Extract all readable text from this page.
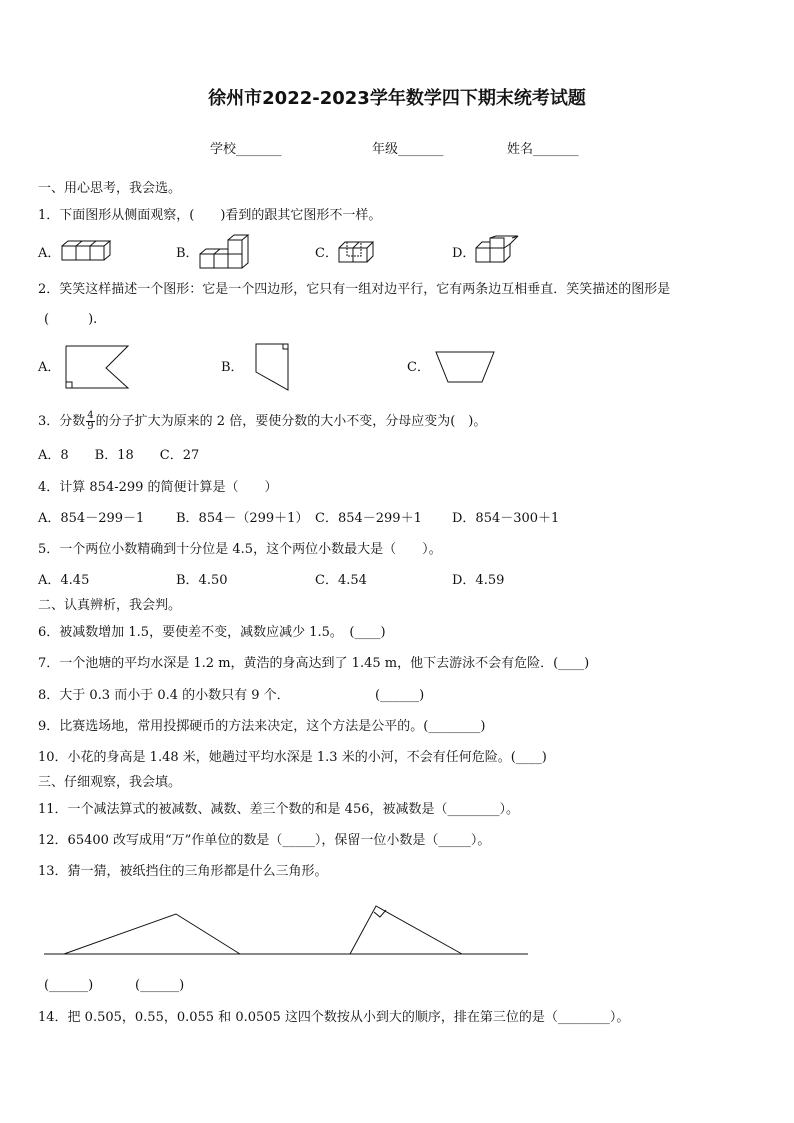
徐州市2022-2023学年数学四下期末统考试题
学校_______	年级_______	姓名_______
一、用心思考，我会选。
1．下面图形从侧面观察，(　　)看到的跟其它图形不一样。
A．	B．	C．	D．
2．笑笑这样描述一个图形：它是一个四边形，它只有一组对边平行，它有两条边互相垂直．笑笑描述的图形是
(　　　).
A．	B．	C．
3．分数 $\frac{4}{9}$ 的分子扩大为原来的 2 倍，要使分数的大小不变，分母应变为(　)。
A．8　　B．18　　C．27
4．计算 854-299 的简便计算是（　　）
A．854－299－1 B．854－（299＋1） C．854－299＋1 D．854－300＋1
5．一个两位小数精确到十分位是 4.5，这个两位小数最大是（　　）。
A．4.45	B．4.50	C．4.54	D．4.59
二、认真辨析，我会判。
6．被减数增加 1.5，要使差不变，减数应减少 1.5。　(____)
7．一个池塘的平均水深是 1.2 m，黄浩的身高达到了 1.45 m，他下去游泳不会有危险．(____)
8．大于 0.3 而小于 0.4 的小数只有 9 个．	(______)
9．比赛选场地，常用投掷硬币的方法来决定，这个方法是公平的。(________)
10．小花的身高是 1.48 米，她趟过平均水深是 1.3 米的小河，不会有任何危险。(____)
三、仔细观察，我会填。
11．一个减法算式的被减数、减数、差三个数的和是 456，被减数是（________）。
12．65400 改写成用“万”作单位的数是（_____），保留一位小数是（_____）。
13．猜一猜，被纸挡住的三角形都是什么三角形。
(______)	(______)
14．把 0.505，0.55，0.055 和 0.0505 这四个数按从小到大的顺序，排在第三位的是（________）。
